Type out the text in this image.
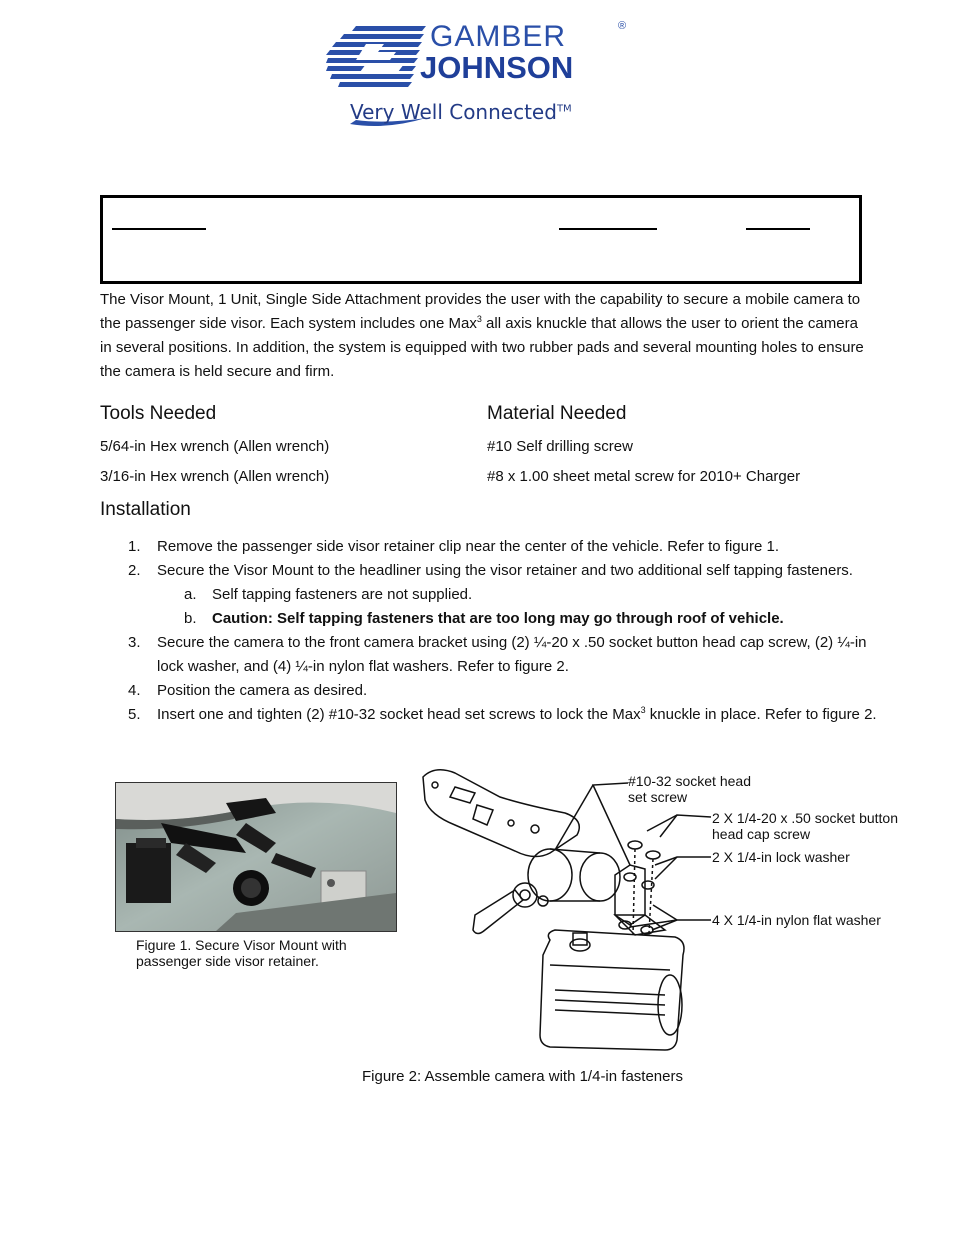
GAMBER	®
JOHNSON
Very Well Connected™
The Visor Mount, 1 Unit, Single Side Attachment provides the user with the capability to secure a mobile camera to the passenger side visor. Each system includes one Max$^3$ all axis knuckle that allows the user to orient the camera in several positions. In addition, the system is equipped with two rubber pads and several mounting holes to ensure the camera is held secure and firm.
Tools Needed	Material Needed
5/64-in Hex wrench (Allen wrench)
3/16-in Hex wrench (Allen wrench)
#10 Self drilling screw
#8 x 1.00 sheet metal screw for 2010+ Charger
Installation
1. Remove the passenger side visor retainer clip near the center of the vehicle. Refer to figure 1.
2. Secure the Visor Mount to the headliner using the visor retainer and two additional self tapping fasteners.
a. Self tapping fasteners are not supplied.
b. Caution: Self tapping fasteners that are too long may go through roof of vehicle.
3. Secure the camera to the front camera bracket using (2) ¼-20 x .50 socket button head cap screw, (2) ¼-in lock washer, and (4) ¼-in nylon flat washers. Refer to figure 2.
4. Position the camera as desired.
5. Insert one and tighten (2) #10-32 socket head set screws to lock the Max$^3$ knuckle in place. Refer to figure 2.
Figure 1. Secure Visor Mount with passenger side visor retainer.
#10-32 socket head
set screw
2 X 1/4-20 x .50 socket button
head cap screw
2 X 1/4-in lock washer
4 X 1/4-in nylon flat washer
Figure 2: Assemble camera with 1/4-in fasteners
